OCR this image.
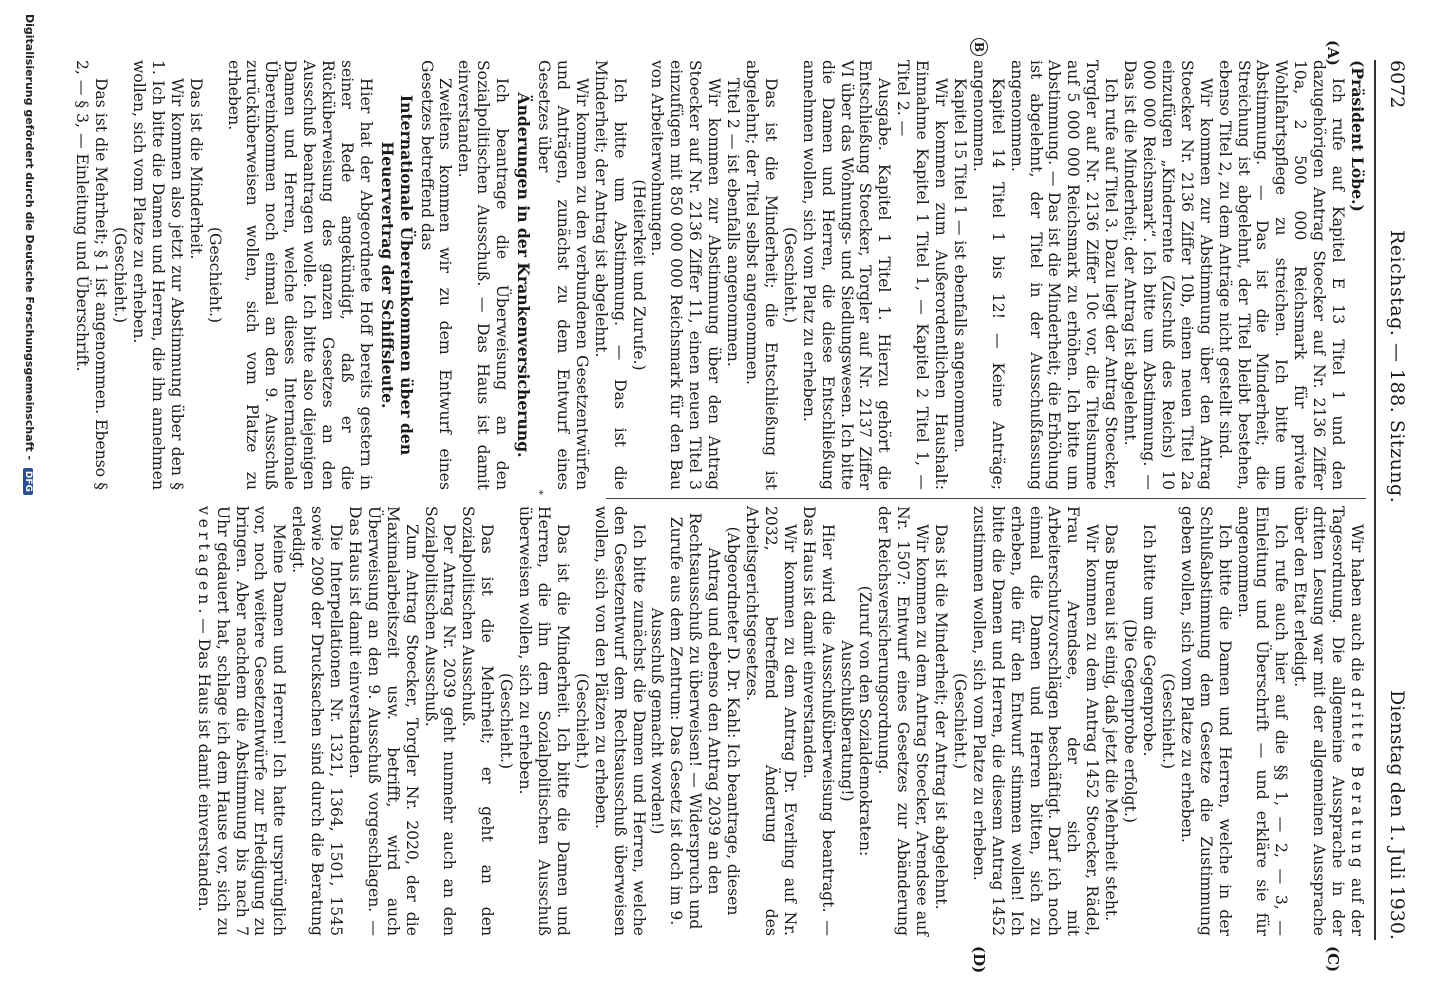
6072
Reichstag. — 188. Sitzung.
Dienstag den 1. Juli 1930.
(A)
B
(C)
(D)

(Präsident Löbe.)

Ich rufe auf Kapitel E 13 Titel 1 und den dazugehörigen Antrag Stoecker auf Nr. 2136 Ziffer 10a, 2 500 000 Reichsmark für private Wohlfahrtspflege zu streichen. Ich bitte um Abstimmung. — Das ist die Minderheit; die Streichung ist abgelehnt, der Titel bleibt bestehen, ebenso Titel 2, zu dem Anträge nicht gestellt sind.

Wir kommen zur Abstimmung über den Antrag Stoecker Nr. 2136 Ziffer 10b, einen neuen Titel 2a einzufügen „Kinderrente (Zuschuß des Reichs) 10 000 000 Reichsmark“. Ich bitte um Abstimmung. — Das ist die Minderheit; der Antrag ist abgelehnt.

Ich rufe auf Titel 3. Dazu liegt der Antrag Stoecker, Torgler auf Nr. 2136 Ziffer 10c vor, die Titelsumme auf 5 000 000 Reichsmark zu erhöhen. Ich bitte um Abstimmung. — Das ist die Minderheit; die Erhöhung ist abgelehnt, der Titel in der Ausschußfassung angenommen.

Kapitel 14 Titel 1 bis 12! — Keine Anträge; angenommen.

Kapitel 15 Titel 1 — ist ebenfalls angenommen.

Wir kommen zum Außerordentlichen Haushalt: Einnahme Kapitel 1 Titel 1, — Kapitel 2 Titel 1, — Titel 2. —

Ausgabe. Kapitel 1 Titel 1. Hierzu gehört die Entschließung Stoecker, Torgler auf Nr. 2137 Ziffer VI über das Wohnungs- und Siedlungswesen. Ich bitte die Damen und Herren, die diese Entschließung annehmen wollen, sich vom Platz zu erheben.

(Geschieht.)

Das ist die Minderheit; die Entschließung ist abgelehnt; der Titel selbst angenommen.

Titel 2 — ist ebenfalls angenommen.

Wir kommen zur Abstimmung über den Antrag Stoecker auf Nr. 2136 Ziffer 11, einen neuen Titel 3 einzufügen mit 850 000 000 Reichsmark für den Bau von Arbeiterwohnungen.

(Heiterkeit und Zurufe.)

Ich bitte um Abstimmung. — Das ist die Minderheit; der Antrag ist abgelehnt.

Wir kommen zu den verbundenen Gesetzentwürfen und Anträgen, zunächst zu dem Entwurf eines Gesetzes über

Änderungen in der Krankenversicherung.

Ich beantrage die Überweisung an den Sozialpolitischen Ausschuß. — Das Haus ist damit einverstanden.

Zweitens kommen wir zu dem Entwurf eines Gesetzes betreffend das

Internationale Übereinkommen über den Heuervertrag der Schiffsleute.

Hier hat der Abgeordnete Hoff bereits gestern in seiner Rede angekündigt, daß er die Rücküberweisung des ganzen Gesetzes an den Ausschuß beantragen wolle. Ich bitte also diejenigen Damen und Herren, welche dieses Internationale Übereinkommen noch einmal an den 9. Ausschuß zurücküberweisen wollen, sich vom Platze zu erheben.

(Geschieht.)

Das ist die Minderheit.

Wir kommen also jetzt zur Abstimmung über den § 1. Ich bitte die Damen und Herren, die ihn annehmen wollen, sich vom Platze zu erheben.

(Geschieht.)

Das ist die Mehrheit; § 1 ist angenommen. Ebenso § 2, — § 3, — Einleitung und Überschrift.

Wir haben auch die dritte Beratung auf der Tagesordnung. Die allgemeine Aussprache in der dritten Lesung war mit der allgemeinen Aussprache über den Etat erledigt.

Ich rufe auch hier auf die §§ 1, — 2, — 3, — Einleitung und Überschrift — und erkläre sie für angenommen.

Ich bitte die Damen und Herren, welche in der Schlußabstimmung dem Gesetze die Zustimmung geben wollen, sich vom Platze zu erheben.

(Geschieht.)

Ich bitte um die Gegenprobe.

(Die Gegenprobe erfolgt.)

Das Bureau ist einig, daß jetzt die Mehrheit steht.

Wir kommen zu dem Antrag 1452 Stoecker, Rädel, Frau Arendsee, der sich mit Arbeiterschutzvorschlägen beschäftigt. Darf ich noch einmal die Damen und Herren bitten, sich zu erheben, die für den Entwurf stimmen wollen! Ich bitte die Damen und Herren, die diesem Antrag 1452 zustimmen wollen, sich vom Platze zu erheben.

(Geschieht.)

Das ist die Minderheit; der Antrag ist abgelehnt.

Wir kommen zu dem Antrag Stoecker, Arendsee auf Nr. 1507: Entwurf eines Gesetzes zur Abänderung der Reichsversicherungsordnung.

(Zuruf von den Sozialdemokraten: Ausschußberatung!)

Hier wird die Ausschußüberweisung beantragt. — Das Haus ist damit einverstanden.

Wir kommen zu dem Antrag Dr. Everling auf Nr. 2032, betreffend Änderung des Arbeitsgerichtsgesetzes.

(Abgeordneter D. Dr. Kahl: Ich beantrage, diesen Antrag und ebenso den Antrag 2039 an den Rechtsausschuß zu überweisen! — Widerspruch und Zurufe aus dem Zentrum: Das Gesetz ist doch im 9. Ausschuß gemacht worden!)

Ich bitte zunächst die Damen und Herren, welche den Gesetzentwurf dem Rechtsausschuß überweisen wollen, sich von den Plätzen zu erheben.

(Geschieht.)

Das ist die Minderheit. Ich bitte die Damen und Herren, die ihn dem Sozialpolitischen Ausschuß überweisen wollen, sich zu erheben.

(Geschieht.)

Das ist die Mehrheit; er geht an den Sozialpolitischen Ausschuß.

Der Antrag Nr. 2039 geht nunmehr auch an den Sozialpolitischen Ausschuß.

Zum Antrag Stoecker, Torgler Nr. 2020, der die Maximalarbeitszeit usw. betrifft, wird auch Überweisung an den 9. Ausschuß vorgeschlagen. — Das Haus ist damit einverstanden.

Die Interpellationen Nr. 1321, 1364, 1501, 1545 sowie 2090 der Drucksachen sind durch die Beratung erledigt.

Meine Damen und Herren! Ich hatte ursprünglich vor, noch weitere Gesetzentwürfe zur Erledigung zu bringen. Aber nachdem die Abstimmung bis nach 7 Uhr gedauert hat, schlage ich dem Hause vor, sich zu vertagen. — Das Haus ist damit einverstanden.

*
Digitalisierung gefördert durch die Deutsche Forschungsgemeinschaft - DFG
